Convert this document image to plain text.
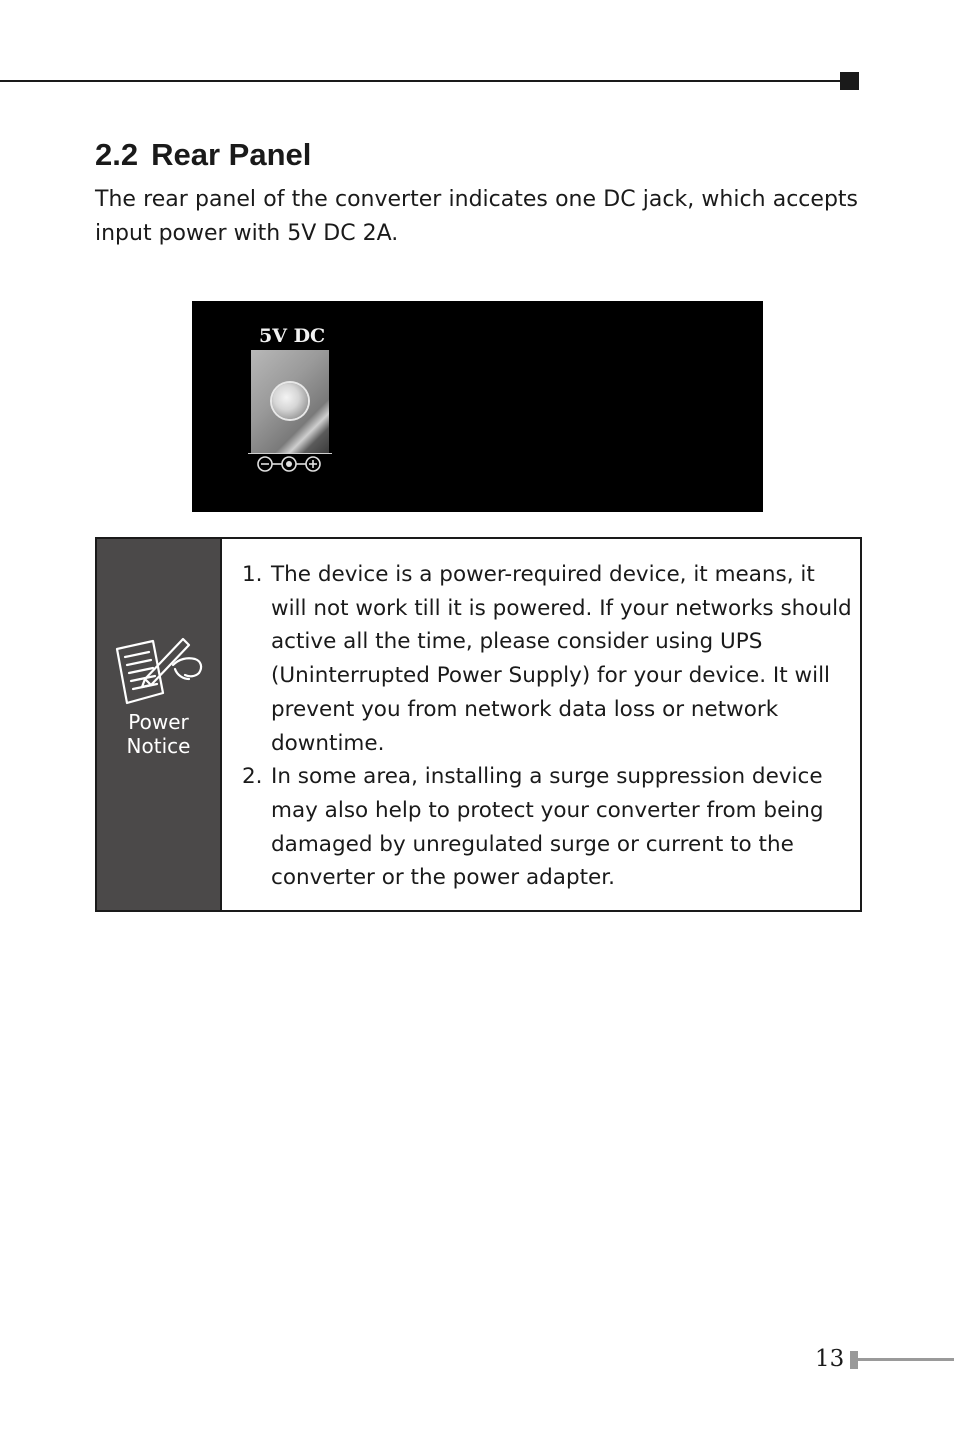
2.2 Rear Panel

The rear panel of the converter indicates one DC jack, which accepts input power with 5V DC 2A.

5V DC
Power
Notice
1. The device is a power-required device, it means, it will not work till it is powered. If your networks should active all the time, please consider using UPS (Uninterrupted Power Supply) for your device. It will prevent you from network data loss or network downtime.
2. In some area, installing a surge suppression device may also help to protect your converter from being damaged by unregulated surge or current to the converter or the power adapter.
13
